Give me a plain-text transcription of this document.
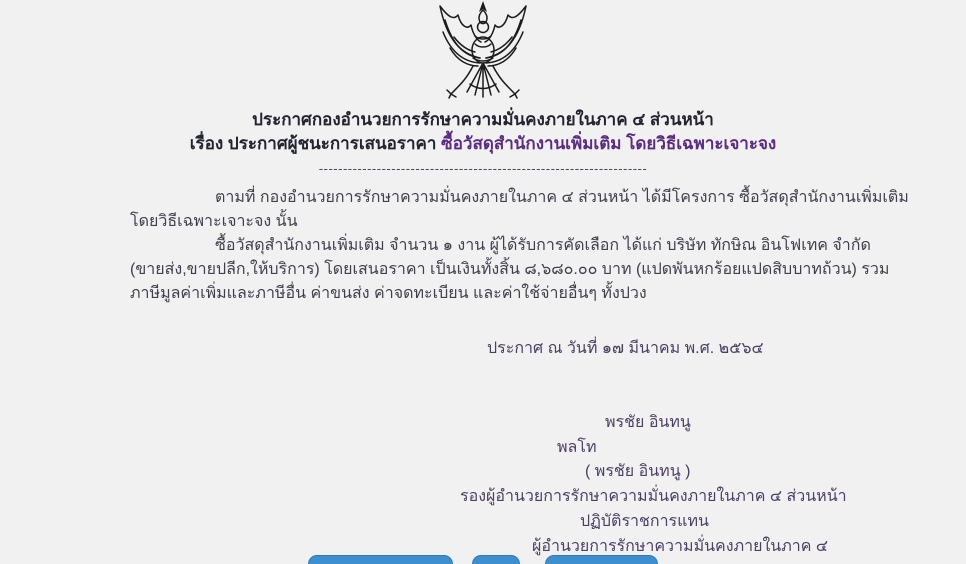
ประกาศกองอำนวยการรักษาความมั่นคงภายในภาค ๔ ส่วนหน้า
เรื่อง ประกาศผู้ชนะการเสนอราคา ซื้อวัสดุสำนักงานเพิ่มเติม โดยวิธีเฉพาะเจาะจง
--------------------------------------------------------------------
ตามที่ กองอำนวยการรักษาความมั่นคงภายในภาค ๔ ส่วนหน้า ได้มีโครงการ ซื้อวัสดุสำนักงานเพิ่มเติม
โดยวิธีเฉพาะเจาะจง นั้น
ซื้อวัสดุสำนักงานเพิ่มเติม จำนวน ๑ งาน ผู้ได้รับการคัดเลือก ได้แก่ บริษัท ทักษิณ อินโฟเทค จำกัด
(ขายส่ง,ขายปลีก,ให้บริการ) โดยเสนอราคา เป็นเงินทั้งสิ้น ๘,๖๘๐.๐๐ บาท (แปดพันหกร้อยแปดสิบบาทถ้วน) รวม
ภาษีมูลค่าเพิ่มและภาษีอื่น ค่าขนส่ง ค่าจดทะเบียน และค่าใช้จ่ายอื่นๆ ทั้งปวง
ประกาศ ณ วันที่ ๑๗ มีนาคม พ.ศ. ๒๕๖๔
พรชัย อินทนู
พลโท
( พรชัย อินทนู )
รองผู้อำนวยการรักษาความมั่นคงภายในภาค ๔ ส่วนหน้า
ปฏิบัติราชการแทน
ผู้อำนวยการรักษาความมั่นคงภายในภาค ๔
